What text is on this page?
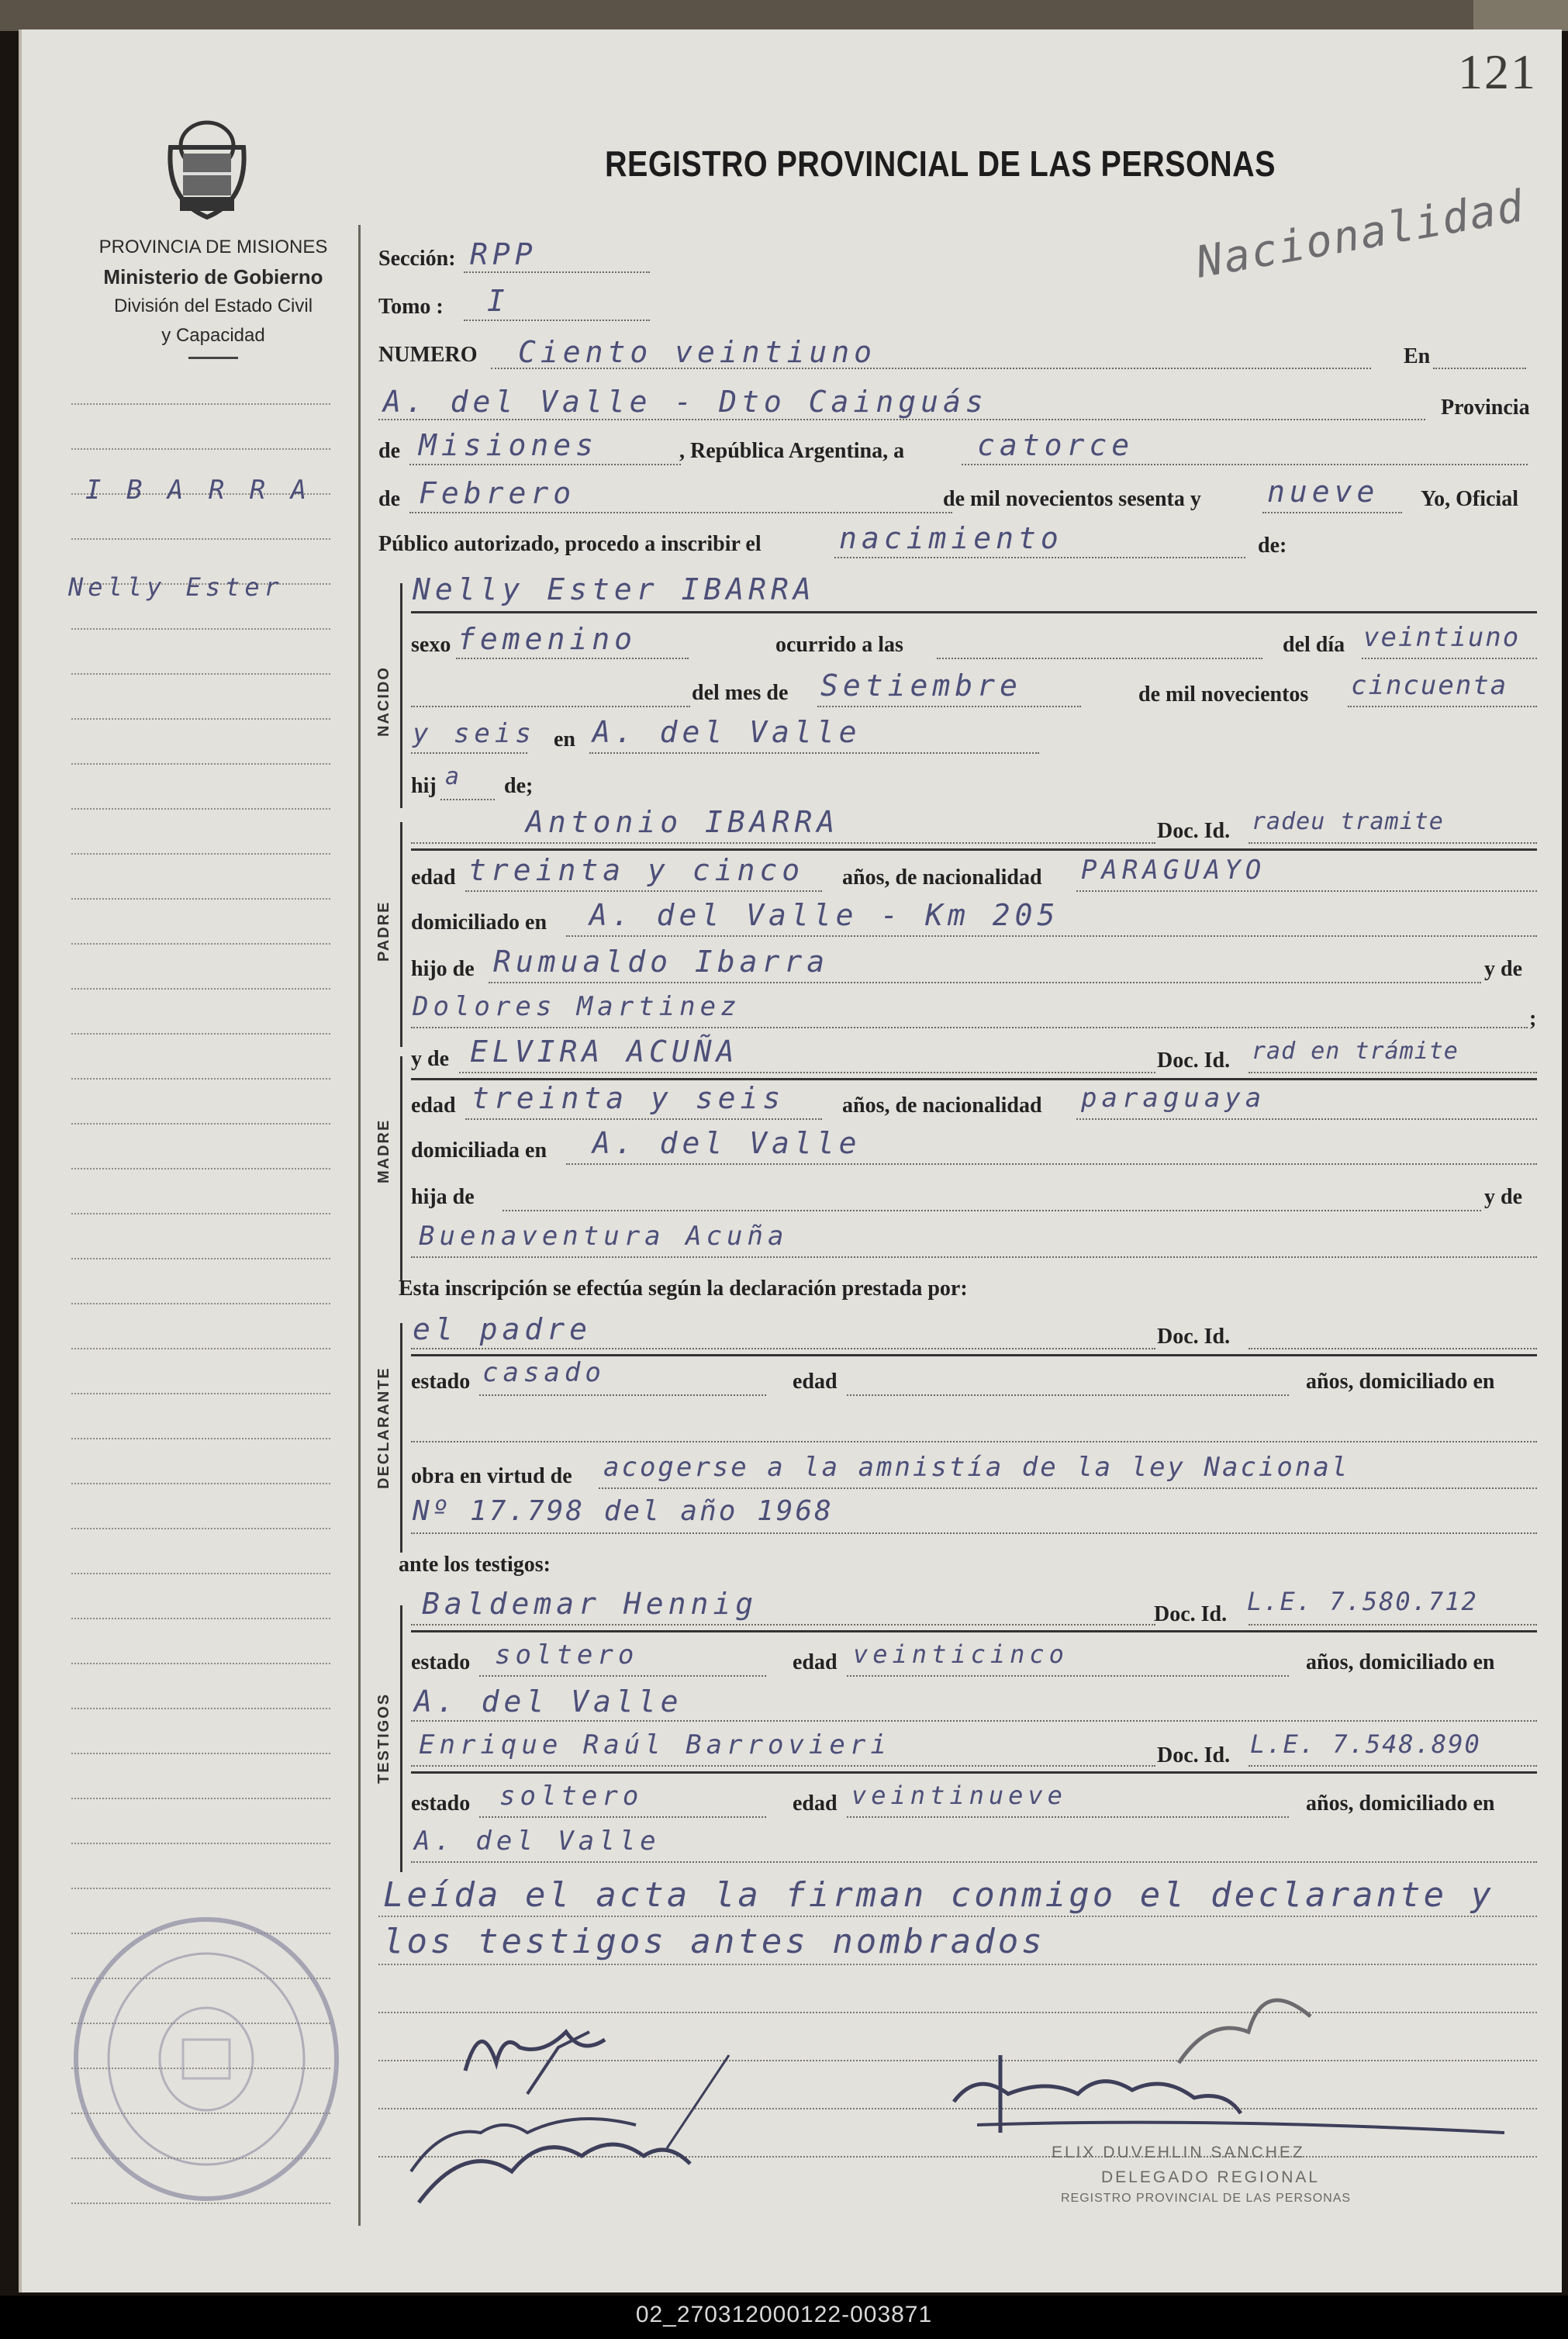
121
REGISTRO PROVINCIAL DE LAS PERSONAS
Nacionalidad
PROVINCIA DE MISIONES
Ministerio de Gobierno
División del Estado Civil
y Capacidad
I B A R R A
Nelly Ester
Sección: RPP
Tomo : I
NUMERO Ciento veintiuno	En
A. del Valle - Dto Cainguás	Provincia
de Misiones	, República Argentina, a catorce
de Febrero	de mil novecientos sesenta y nueve Yo, Oficial
Público autorizado, procedo a inscribir el	nacimiento	de:
NACIDO
Nelly Ester IBARRA
sexo femenino	ocurrido a las	del día veintiuno
del mes de Setiembre	de mil novecientos cincuenta
y seis en A. del Valle
hij a de;
PADRE
Antonio IBARRA	Doc. Id. radeu tramite
edad treinta y cinco años, de nacionalidad PARAGUAYO
domiciliado en A. del Valle - Km 205
hijo de Rumualdo Ibarra	y de
Dolores Martinez	;
MADRE
y de ELVIRA ACUÑA	Doc. Id. rad en trámite
edad treinta y seis	años, de nacionalidad paraguaya
domiciliada en A. del Valle
hija de	y de
Buenaventura Acuña
Esta inscripción se efectúa según la declaración prestada por:
DECLARANTE
el padre	Doc. Id.
estado casado	edad	años, domiciliado en
obra en virtud de acogerse a la amnistía de la ley Nacional
Nº 17.798 del año 1968
ante los testigos:
TESTIGOS
Baldemar Hennig	Doc. Id. L.E. 7.580.712
estado soltero	edad veinticinco	años, domiciliado en
A. del Valle
Enrique Raúl Barrovieri	Doc. Id. L.E. 7.548.890
estado soltero	edad veintinueve	años, domiciliado en
A. del Valle
Leída el acta la firman conmigo el declarante y
los testigos antes nombrados
ELIX DUVEHLIN SANCHEZ
DELEGADO REGIONAL
REGISTRO PROVINCIAL DE LAS PERSONAS
02_270312000122-003871
